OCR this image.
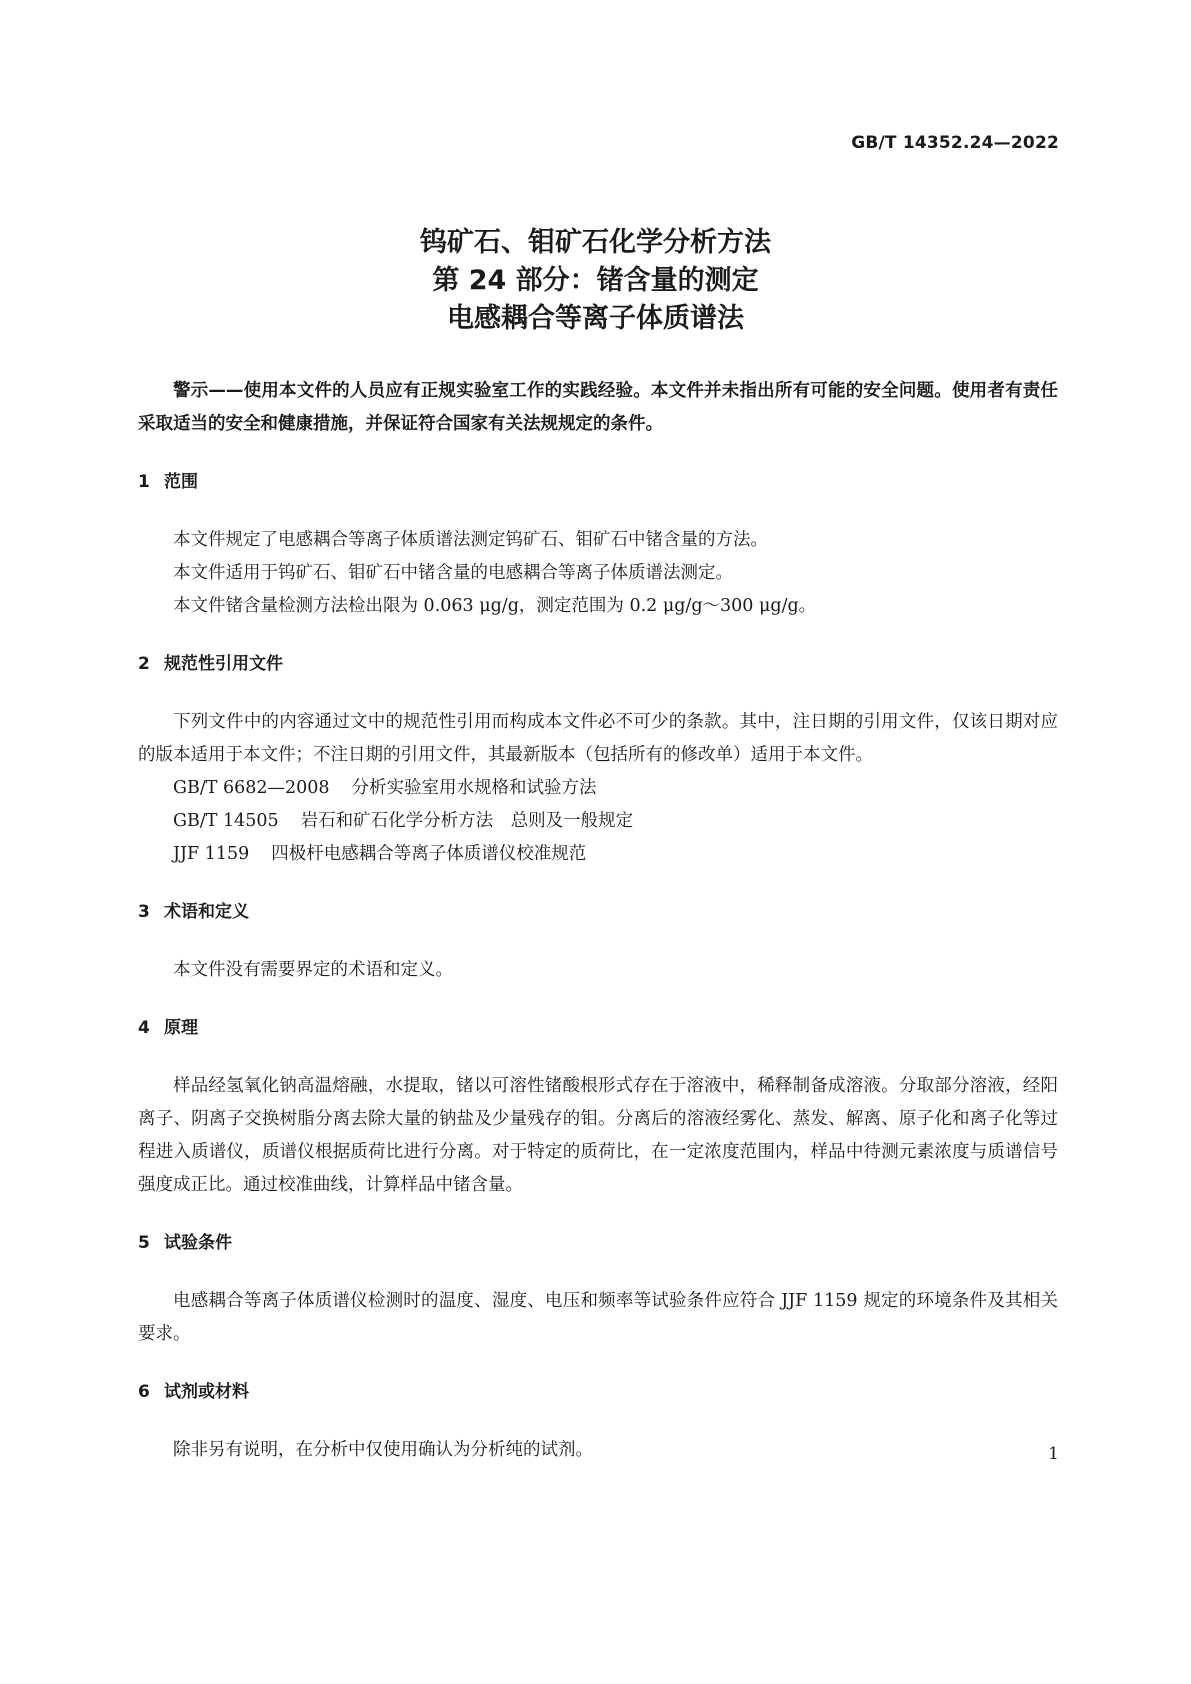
GB/T 14352.24—2022
钨矿石、钼矿石化学分析方法
第 24 部分：锗含量的测定
电感耦合等离子体质谱法

警示——使用本文件的人员应有正规实验室工作的实践经验。本文件并未指出所有可能的安全问题。使用者有责任采取适当的安全和健康措施，并保证符合国家有关法规规定的条件。

1 范围

本文件规定了电感耦合等离子体质谱法测定钨矿石、钼矿石中锗含量的方法。

本文件适用于钨矿石、钼矿石中锗含量的电感耦合等离子体质谱法测定。

本文件锗含量检测方法检出限为 0.063 μg/g，测定范围为 0.2 μg/g～300 μg/g。

2 规范性引用文件

下列文件中的内容通过文中的规范性引用而构成本文件必不可少的条款。其中，注日期的引用文件，仅该日期对应的版本适用于本文件；不注日期的引用文件，其最新版本（包括所有的修改单）适用于本文件。

GB/T 6682—2008 分析实验室用水规格和试验方法

GB/T 14505 岩石和矿石化学分析方法　总则及一般规定

JJF 1159 四极杆电感耦合等离子体质谱仪校准规范

3 术语和定义

本文件没有需要界定的术语和定义。

4 原理

样品经氢氧化钠高温熔融，水提取，锗以可溶性锗酸根形式存在于溶液中，稀释制备成溶液。分取部分溶液，经阳离子、阴离子交换树脂分离去除大量的钠盐及少量残存的钼。分离后的溶液经雾化、蒸发、解离、原子化和离子化等过程进入质谱仪，质谱仪根据质荷比进行分离。对于特定的质荷比，在一定浓度范围内，样品中待测元素浓度与质谱信号强度成正比。通过校准曲线，计算样品中锗含量。

5 试验条件

电感耦合等离子体质谱仪检测时的温度、湿度、电压和频率等试验条件应符合 JJF 1159 规定的环境条件及其相关要求。

6 试剂或材料

除非另有说明，在分析中仅使用确认为分析纯的试剂。	1
